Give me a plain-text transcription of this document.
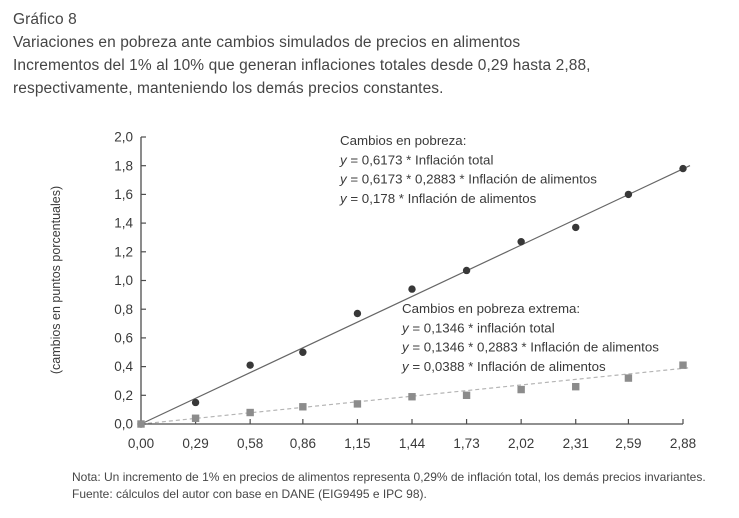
Gráfico 8
Variaciones en pobreza ante cambios simulados de precios en alimentos
Incrementos del 1% al 10% que generan inflaciones totales desde 0,29 hasta 2,88,
respectivamente, manteniendo los demás precios constantes.
0,0
0,2
0,4
0,6
0,8
1,0
1,2
1,4
1,6
1,8
2,0
0,00 0,29 0,58 0,86 1,15 1,44 1,73 2,02 2,31 2,59 2,88
(cambios en puntos porcentuales)
Cambios en pobreza:
y = 0,6173 * Inflación total
y = 0,6173 * 0,2883 * Inflación de alimentos
y = 0,178 * Inflación de alimentos
Cambios en pobreza extrema:
y = 0,1346 * inflación total
y = 0,1346 * 0,2883 * Inflación de alimentos
y = 0,0388 * Inflación de alimentos
Nota: Un incremento de 1% en precios de alimentos representa 0,29% de inflación total, los demás precios invariantes.
Fuente: cálculos del autor con base en DANE (EIG9495 e IPC 98).
